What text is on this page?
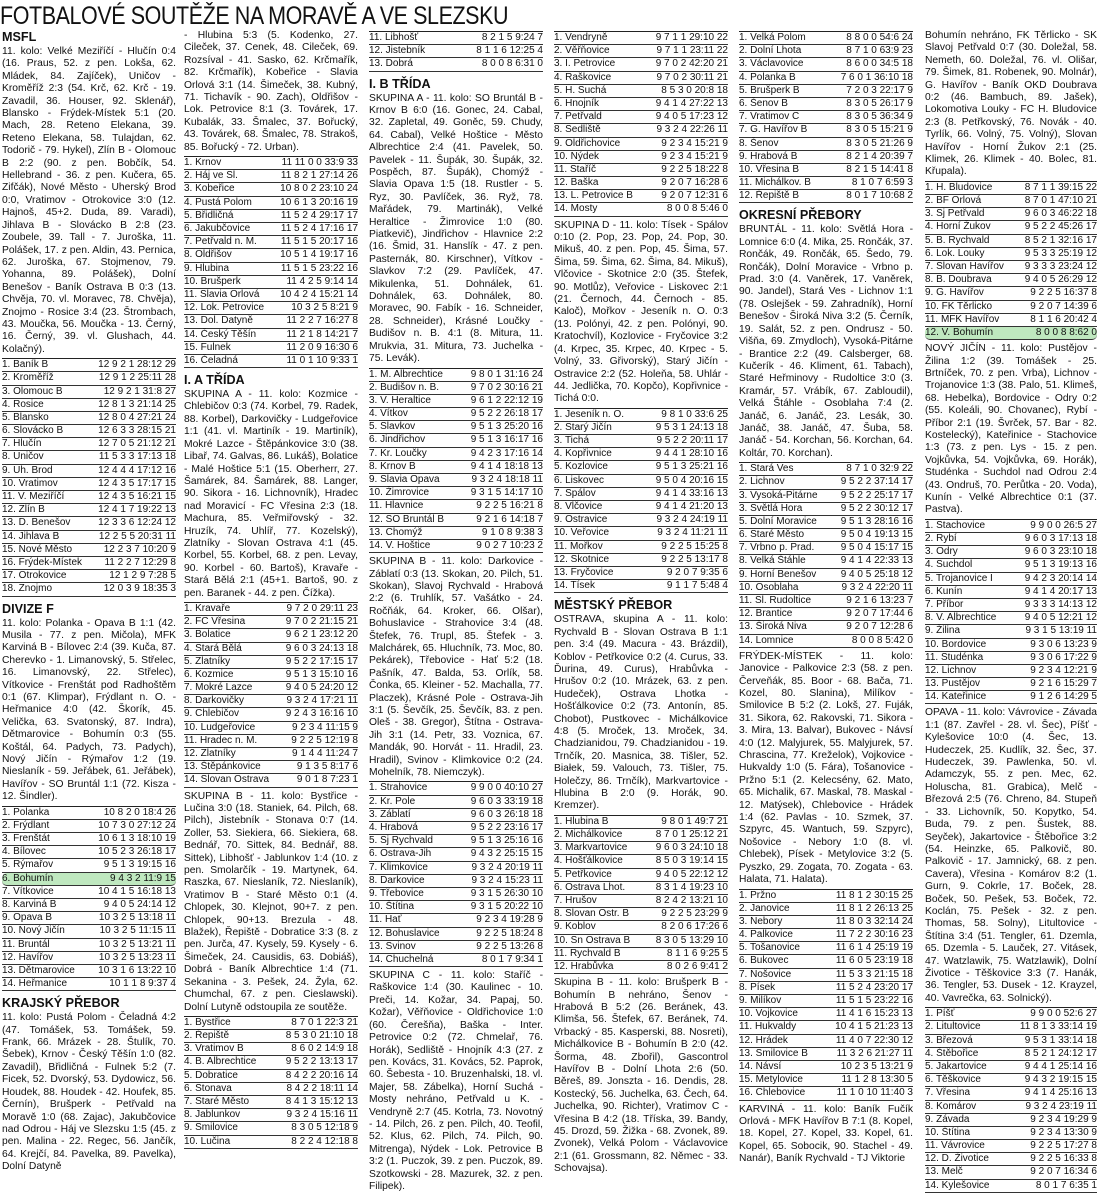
FOTBALOVÉ SOUTĚŽE NA MORAVĚ A VE SLEZSKU
MSFL
11. kolo: Velké Meziříčí - Hlučín 0:4 (16. Praus, 52. z pen. Lokša, 62. Mládek, 84. Zajíček), Uničov - Kroměříž 2:3 (54. Krč, 62. Krč - 19. Zavadil, 36. Houser, 92. Sklenář), Blansko - Frýdek-Místek 5:1 (20. Mach, 28. Reteno Elekana, 39. Reteno Elekana, 58. Tulajdan, 62. Todorič - 79. Hykel), Zlín B - Olomouc B 2:2 (90. z pen. Bobčík, 54. Hellebrand - 36. z pen. Kučera, 65. Zifčák), Nové Město - Uherský Brod 0:0, Vratimov - Otrokovice 3:0 (12. Hajnoš, 45+2. Duda, 89. Varadi), Jihlava B - Slovácko B 2:8 (23. Zoubele, 39. Tall - 7. Juroška, 11. Polášek, 17. z pen. Aldin, 43. Pernica, 62. Juroška, 67. Stojmenov, 79. Yohanna, 89. Polášek), Dolní Benešov - Baník Ostrava B 0:3 (13. Chvěja, 70. vl. Moravec, 78. Chvěja), Znojmo - Rosice 3:4 (23. Štrombach, 43. Moučka, 56. Moučka - 13. Černý, 16. Černý, 39. vl. Glushach, 44. Kolačný).
1. Baník B	12 9 2 1 28:12 29
2. Kroměříž	12 9 1 2 25:11 28
3. Olomouc B	12 9 2 1 31:8 27
4. Rosice	12 8 1 3 21:14 25
5. Blansko	12 8 0 4 27:21 24
6. Slovácko B	12 6 3 3 28:15 21
7. Hlučín	12 7 0 5 21:12 21
8. Uničov	11 5 3 3 17:13 18
9. Uh. Brod	12 4 4 4 17:12 16
10. Vratimov	12 4 3 5 17:17 15
11. V. Meziříčí	12 4 3 5 16:21 15
12. Zlín B	12 4 1 7 19:22 13
13. D. Benešov	12 3 3 6 12:24 12
14. Jihlava B	12 2 5 5 20:31 11
15. Nové Město	12 2 3 7 10:20 9
16. Frýdek-Místek	11 2 2 7 12:29 8
17. Otrokovice	12 1 2 9 7:28 5
18. Znojmo	12 0 3 9 18:35 3
DIVIZE F
11. kolo: Polanka - Opava B 1:1 (42. Musila - 77. z pen. Mičola), MFK Karviná B - Bílovec 2:4 (39. Kuča, 87. Cherevko - 1. Limanovský, 5. Střelec, 16. Limanovský, 22. Střelec), Vítkovice - Frenštát pod Radhoštěm 0:1 (67. Klimpar), Frýdlant n. O. - Heřmanice 4:0 (42. Škorík, 45. Velička, 63. Svatonský, 87. Indra), Dětmarovice - Bohumín 0:3 (55. Koštál, 64. Padych, 73. Padych), Nový Jičín - Rýmařov 1:2 (19. Nieslaník - 59. Jeřábek, 61. Jeřábek), Havířov - SO Bruntál 1:1 (72. Kisza - 12. Šindler).
1. Polanka	10 8 2 0 18:4 26
2. Frýdlant	10 7 3 0 27:12 24
3. Frenštát	10 6 1 3 18:10 19
4. Bílovec	10 5 2 3 26:18 17
5. Rýmařov	9 5 1 3 19:15 16
6. Bohumín	9 4 3 2 11:9 15
7. Vítkovice	10 4 1 5 16:18 13
8. Karviná B	9 4 0 5 24:14 12
9. Opava B	10 3 2 5 13:18 11
10. Nový Jičín	10 3 2 5 11:15 11
11. Bruntál	10 3 2 5 13:21 11
12. Havířov	10 3 2 5 13:23 11
13. Dětmarovice	10 3 1 6 13:22 10
14. Heřmanice	10 1 1 8 9:37 4
KRAJSKÝ PŘEBOR
11. kolo: Pustá Polom - Čeladná 4:2 (47. Tomášek, 53. Tomášek, 59. Frank, 66. Mrázek - 28. Štulík, 70. Šebek), Krnov - Český Těšín 1:0 (82. Zavadil), Břidličná - Fulnek 5:2 (7. Ficek, 52. Dvorský, 53. Dydowicz, 56. Houdek, 88. Houdek - 42. Houfek, 85. Černín), Brušperk - Petřvald na Moravě 1:0 (68. Zajac), Jakubčovice nad Odrou - Háj ve Slezsku 1:5 (45. z pen. Malina - 22. Regec, 56. Jančík, 64. Krejčí, 84. Pavelka, 89. Pavelka), Dolní Datyně
- Hlubina 5:3 (5. Kodenko, 27. Cileček, 37. Cenek, 48. Cileček, 69. Rozsíval - 41. Sasko, 62. Krčmařík, 82. Krčmařík), Kobeřice - Slavia Orlová 3:1 (14. Šimeček, 38. Kubný, 71. Tichavík - 90. Zach), Oldřišov - Lok. Petrovice 8:1 (3. Továrek, 17. Kubalák, 33. Šmalec, 37. Bořucký, 43. Továrek, 68. Šmalec, 78. Strakoš, 85. Bořucký - 72. Urban).
1. Krnov	11 11 0 0 33:9 33
2. Háj ve Sl.	11 8 2 1 27:14 26
3. Kobeřice	10 8 0 2 23:10 24
4. Pustá Polom	10 6 1 3 20:16 19
5. Břidličná	11 5 2 4 29:17 17
6. Jakubčovice	11 5 2 4 17:16 17
7. Petřvald n. M.	11 5 1 5 20:17 16
8. Oldřišov	10 5 1 4 19:17 16
9. Hlubina	11 5 1 5 23:22 16
10. Brušperk	11 4 2 5 9:14 14
11. Slavia Orlová	10 4 2 4 15:21 14
12. Lok. Petrovice	10 3 2 5 8:21 9
13. Dol. Datyně	11 2 2 7 16:27 8
14. Český Těšín	11 2 1 8 14:21 7
15. Fulnek	11 2 0 9 16:30 6
16. Čeladná	11 0 1 10 9:33 1
I. A TŘÍDA
SKUPINA A - 11. kolo: Kozmice - Chlebičov 0:3 (74. Korbel, 79. Radek, 88. Korbel), Darkovičky - Ludgeřovice 1:1 (41. vl. Martiník - 19. Martiník), Mokré Lazce - Štěpánkovice 3:0 (38. Libař, 74. Galvas, 86. Lukáš), Bolatice - Malé Hoštice 5:1 (15. Oberherr, 27. Šamárek, 84. Šamárek, 88. Langer, 90. Sikora - 16. Lichnovník), Hradec nad Moravicí - FC Vřesina 2:3 (18. Machura, 85. Veřmiřovský - 32. Hruzík, 74. Uhlíř, 77. Kozelský), Zlatníky - Slovan Ostrava 4:1 (45. Korbel, 55. Korbel, 68. z pen. Levay, 90. Korbel - 60. Bartoš), Kravaře - Stará Bělá 2:1 (45+1. Bartoš, 90. z pen. Baranek - 44. z pen. Čížka).
1. Kravaře	9 7 2 0 29:11 23
2. FC Vřesina	9 7 0 2 21:15 21
3. Bolatice	9 6 2 1 23:12 20
4. Stará Bělá	9 6 0 3 24:13 18
5. Zlatníky	9 5 2 2 17:15 17
6. Kozmice	9 5 1 3 15:10 16
7. Mokré Lazce	9 4 0 5 24:20 12
8. Darkovičky	9 3 2 4 17:21 11
9. Chlebičov	9 2 4 3 16:16 10
10. Ludgeřovice	9 2 3 4 11:15 9
11. Hradec n. M.	9 2 2 5 12:19 8
12. Zlatníky	9 1 4 4 11:24 7
13. Štěpánkovice	9 1 3 5 8:17 6
14. Slovan Ostrava	9 0 1 8 7:23 1
SKUPINA B - 11. kolo: Bystřice - Lučina 3:0 (18. Staniek, 64. Pilch, 68. Pilch), Jistebník - Stonava 0:7 (14. Zoller, 53. Siekiera, 66. Siekiera, 68. Bednář, 70. Sittek, 84. Bednář, 88. Sittek), Libhošť - Jablunkov 1:4 (10. z pen. Smolarčík - 19. Martynek, 64. Raszka, 67. Nieslaník, 72. Nieslaník), Vratimov B - Staré Město 0:1 (4. Chlopek, 30. Klejnot, 90+7. z pen. Chlopek, 90+13. Brezula - 48. Blažek), Řepiště - Dobratice 3:3 (8. z pen. Jurča, 47. Kysely, 59. Kysely - 6. Šimeček, 24. Causidis, 63. Dobiáš), Dobrá - Baník Albrechtice 1:4 (71. Sekanina - 3. Pešek, 24. Žyla, 62. Chumchal, 67. z pen. Cieslawski). Dolní Lutyně odstoupila ze soutěže.
1. Bystřice	8 7 0 1 22:3 21
2. Řepiště	8 5 3 0 21:10 18
3. Vratimov B	8 6 0 2 14:9 18
4. B. Albrechtice	9 5 2 2 13:13 17
5. Dobratice	8 4 2 2 20:16 14
6. Stonava	8 4 2 2 18:11 14
7. Staré Město	8 4 1 3 15:12 13
8. Jablunkov	9 3 2 4 15:16 11
9. Smilovice	8 3 0 5 12:18 9
10. Lučina	8 2 2 4 12:18 8
11. Libhošť	8 2 1 5 9:24 7
12. Jistebník	8 1 1 6 12:25 4
13. Dobrá	8 0 0 8 6:31 0
I. B TŘÍDA
SKUPINA A - 11. kolo: SO Bruntál B - Krnov B 6:0 (16. Gonec, 24. Cabal, 32. Zapletal, 49. Goněc, 59. Chudy, 64. Cabal), Velké Hoštice - Město Albrechtice 2:4 (41. Pavelek, 50. Pavelek - 11. Šupák, 30. Šupák, 32. Pospěch, 87. Šupák), Chomýž - Slavia Opava 1:5 (18. Rustler - 5. Ryz, 30. Pavlíček, 36. Ryž, 78. Mařádek, 79. Martinák), Velké Heraltice - Žimrovice 1:0 (80. Piatkevič), Jindřichov - Hlavnice 2:2 (16. Šmid, 31. Hanslík - 47. z pen. Pasternák, 80. Kirschner), Vítkov - Slavkov 7:2 (29. Pavlíček, 47. Mikulenka, 51. Dohnálek, 61. Dohnálek, 63. Dohnálek, 80. Moravec, 90. Fabík - 16. Schneider, 28. Schneider), Krásné Loučky - Budišov n. B. 4:1 (8. Mitura, 11. Mrukvia, 31. Mitura, 73. Juchelka - 75. Levák).
1. M. Albrechtice	9 8 0 1 31:16 24
2. Budišov n. B.	9 7 0 2 30:16 21
3. V. Heraltice	9 6 1 2 22:12 19
4. Vítkov	9 5 2 2 26:18 17
5. Slavkov	9 5 1 3 25:20 16
6. Jindřichov	9 5 1 3 16:17 16
7. Kr. Loučky	9 4 2 3 17:16 14
8. Krnov B	9 4 1 4 18:18 13
9. Slavia Opava	9 3 2 4 18:18 11
10. Žimrovice	9 3 1 5 14:17 10
11. Hlavnice	9 2 2 5 16:21 8
12. SO Bruntál B	9 2 1 6 14:18 7
13. Chomýž	9 1 0 8 9:38 3
14. V. Hoštice	9 0 2 7 10:23 2
SKUPINA B - 11. kolo: Darkovice - Záblatí 0:3 (13. Skokan, 20. Pilch, 51. Skokan), Slavoj Rychvald - Hrabová 2:2 (6. Truhlík, 57. Vašátko - 24. Ročňák, 64. Kroker, 66. Olšar), Bohuslavice - Strahovice 3:4 (48. Štefek, 76. Trupl, 85. Štefek - 3. Malchárek, 65. Hluchník, 73. Moc, 80. Pekárek), Třebovice - Hať 5:2 (18. Pašník, 47. Balda, 53. Orlík, 58. Čonka, 65. Kleiner - 52. Machalla, 77. Placzek), Krásné Pole - Ostrava-Jih 3:1 (5. Ševčík, 25. Ševčík, 83. z pen. Oleš - 38. Gregor), Štítna - Ostrava-Jih 3:1 (14. Petr, 33. Voznica, 67. Mandák, 90. Horvát - 11. Hradil, 23. Hradil), Svinov - Klimkovice 0:2 (24. Mohelník, 78. Niemczyk).
1. Strahovice	9 9 0 0 40:10 27
2. Kr. Pole	9 6 0 3 33:19 18
3. Záblatí	9 6 0 3 26:18 18
4. Hrabová	9 5 2 2 23:16 17
5. Sj Rychvald	9 5 1 3 25:16 16
6. Ostrava-Jih	9 4 3 2 25:15 15
7. Klimkovice	9 3 2 4 20:19 11
8. Darkovice	9 3 2 4 15:23 11
9. Třebovice	9 3 1 5 26:30 10
10. Štítina	9 3 1 5 20:22 10
11. Hať	9 2 3 4 19:28 9
12. Bohuslavice	9 2 2 5 18:24 8
13. Svinov	9 2 2 5 13:26 8
14. Chuchelná	8 0 1 7 9:34 1
SKUPINA C - 11. kolo: Staříč - Raškovice 1:4 (30. Kaulinec - 10. Preči, 14. Kožar, 34. Papaj, 50. Kožar), Věřňovice - Oldřichovice 1:0 (60. Čerešňa), Baška - Inter. Petrovice 0:2 (72. Chmelař, 76. Horák), Sedliště - Hnojník 4:3 (27. z pen. Kovács, 31. Kovács, 52. Paprok, 60. Šebesta - 10. Bruzenhalski, 18. vl. Majer, 58. Zábelka), Horní Suchá - Mosty nehráno, Petřvald u K. - Vendryně 2:7 (45. Kotrla, 73. Novotný - 14. Pilch, 26. z pen. Pilch, 40. Teofil, 52. Klus, 62. Pilch, 74. Pilch, 90. Mitrenga), Nýdek - Lok. Petrovice B 3:2 (1. Puczok, 39. z pen. Puczok, 89. Szotkowski - 28. Mazurek, 32. z pen. Filipek).
1. Vendryně	9 7 1 1 29:10 22
2. Věřňovice	9 7 1 1 23:11 22
3. I. Petrovice	9 7 0 2 42:20 21
4. Raškovice	9 7 0 2 30:11 21
5. H. Suchá	8 5 3 0 20:8 18
6. Hnojník	9 4 1 4 27:22 13
7. Petřvald	9 4 0 5 17:23 12
8. Sedliště	9 3 2 4 22:26 11
9. Oldřichovice	9 2 3 4 15:21 9
10. Nýdek	9 2 3 4 15:21 9
11. Staříč	9 2 2 5 18:22 8
12. Baška	9 2 0 7 16:28 6
13. L. Petrovice B	9 2 0 7 12:31 6
14. Mosty	8 0 0 8 5:46 0
SKUPINA D - 11. kolo: Tísek - Spálov 0:10 (2. Pop, 23. Pop, 24. Pop, 30. Mikuš, 40. z pen. Pop, 45. Šima, 57. Šima, 59. Šima, 62. Šima, 84. Mikuš), Vlčovice - Skotnice 2:0 (35. Štefek, 90. Motlůz), Veřovice - Liskovec 2:1 (21. Černoch, 44. Černoch - 85. Kaloč), Mořkov - Jeseník n. O. 0:3 (13. Polónyi, 42. z pen. Polónyi, 90. Kratochvíl), Kozlovice - Fryčovice 3:2 (4. Krpec, 35. Krpec, 40. Krpec - 5. Volný, 33. Gřivorský), Starý Jičín - Ostravice 2:2 (52. Holeňa, 58. Uhlár - 44. Jedlička, 70. Kopčo), Kopřivnice - Tichá 0:0.
1. Jeseník n. O.	9 8 1 0 33:6 25
2. Starý Jičín	9 5 3 1 24:13 18
3. Tichá	9 5 2 2 20:11 17
4. Kopřivnice	9 4 4 1 28:10 16
5. Kozlovice	9 5 1 3 25:21 16
6. Liskovec	9 5 0 4 20:16 15
7. Spálov	9 4 1 4 33:16 13
8. Vlčovice	9 4 1 4 21:20 13
9. Ostravice	9 3 2 4 24:19 11
10. Veřovice	9 3 2 4 11:21 11
11. Mořkov	9 2 2 5 15:25 8
12. Skotnice	9 2 2 5 13:17 8
13. Fryčovice	9 2 0 7 9:35 6
14. Tísek	9 1 1 7 5:48 4
MĚSTSKÝ PŘEBOR
OSTRAVA, skupina A - 11. kolo: Rychvald B - Slovan Ostrava B 1:1 pen. 3:4 (49. Macura - 43. Brázdil), Koblov - Petřkovice 0:2 (4. Curus, 33. Ďurina, 49. Curus), Hrabůvka - Hrušov 0:2 (10. Mrázek, 63. z pen. Hudeček), Ostrava Lhotka - Hošťálkovice 0:2 (73. Antonín, 85. Chobot), Pustkovec - Michálkovice 4:8 (5. Mroček, 13. Mroček, 34. Chadzianidou, 79. Chadzianidou - 19. Trnčík, 20. Masnica, 38. Tišler, 52. Białek, 59. Valouch, 73. Tišler, 75. Holečzy, 86. Trnčík), Markvartovice - Hlubina B 2:0 (9. Horák, 90. Kremzer).
1. Hlubina B	9 8 0 1 49:7 21
2. Michálkovice	8 7 0 1 25:12 21
3. Markvartovice	9 6 0 3 24:10 18
4. Hošťálkovice	8 5 0 3 19:14 15
5. Petřkovice	9 4 0 5 22:12 12
6. Ostrava Lhot.	8 3 1 4 19:23 10
7. Hrušov	8 2 4 2 13:21 10
8. Slovan Ostr. B	9 2 2 5 23:29 9
9. Koblov	8 2 0 6 17:26 6
10. Sn Ostrava B	8 3 0 5 13:29 10
11. Rychvald B	8 1 1 6 9:25 5
12. Hrabůvka	8 0 2 6 9:41 2
Skupina B - 11. kolo: Brušperk B - Bohumín B nehráno, Šenov - Hrabová B 5:2 (26. Beránek, 43. Klimša, 56. Štefek, 67. Beránek, 74. Vrbacký - 85. Kasperski, 88. Nosreti), Michálkovice B - Bohumín B 2:0 (42. Šorma, 48. Zbořil), Gascontrol Havířov B - Dolní Lhota 2:6 (50. Běreš, 89. Jonszta - 16. Dendis, 28. Kostecký, 56. Juchelka, 63. Čech, 64. Juchelka, 90. Richter), Vratimov C - Vřesina B 4:2 (18. Tříska, 39. Bandy, 45. Drozd, 59. Žižka - 68. Zvonek, 89. Zvonek), Velká Polom - Václavovice 2:1 (61. Grossmann, 82. Němec - 33. Schovajsa).
1. Velká Polom	8 8 0 0 54:6 24
2. Dolní Lhota	8 7 1 0 63:9 23
3. Václavovice	8 6 0 0 34:5 18
4. Polanka B	7 6 0 1 36:10 18
5. Brušperk B	7 2 0 3 22:17 9
6. Šenov B	8 3 0 5 26:17 9
7. Vratimov C	8 3 0 5 36:34 9
7. G. Havířov B	8 3 0 5 15:21 9
8. Šenov	8 3 0 5 21:26 9
9. Hrabová B	8 2 1 4 20:39 7
10. Vřesina B	8 2 1 5 14:41 8
11. Michálkov. B	8 1 0 7 6:59 3
12. Řepiště B	8 0 1 7 10:68 2
OKRESNÍ PŘEBORY
BRUNTÁL - 11. kolo: Světlá Hora - Lomnice 6:0 (4. Mika, 25. Rončák, 37. Rončák, 49. Rončák, 65. Šedo, 79. Rončák), Dolní Moravice - Vrbno p. Prad. 3:0 (4. Vaněrek, 17. Vaněrek, 90. Jandel), Stará Ves - Lichnov 1:1 (78. Oslejšek - 59. Zahradník), Horní Benešov - Široká Niva 3:2 (5. Černík, 19. Salát, 52. z pen. Ondrusz - 50. Višňa, 69. Zmydloch), Vysoká-Pitárne - Brantice 2:2 (49. Calsberger, 68. Kučerík - 46. Kliment, 61. Tabach), Staré Heřminovy - Rudoltice 3:0 (3. Kramár, 57. Vrábík, 67. Zabloudil), Velká Štáhle - Osoblaha 7:4 (2. Janáč, 6. Janáč, 23. Lesák, 30. Janáč, 38. Janáč, 47. Šuba, 58. Janáč - 54. Korchan, 56. Korchan, 64. Koltár, 70. Korchan).
1. Stará Ves	8 7 1 0 32:9 22
2. Lichnov	9 5 2 2 37:14 17
3. Vysoká-Pitárne	9 5 2 2 25:17 17
3. Světlá Hora	9 5 2 2 30:12 17
5. Dolní Moravice	9 5 1 3 28:16 16
6. Staré Město	9 5 0 4 19:13 15
7. Vrbno p. Prad.	9 5 0 4 15:17 15
8. Velká Štáhle	9 4 1 4 22:33 13
9. Horní Benešov	9 4 0 5 25:18 12
10. Osoblaha	9 3 2 4 22:20 11
11. Sl. Rudoltice	9 2 1 6 13:23 7
12. Brantice	9 2 0 7 17:44 6
13. Široká Niva	9 2 0 7 12:28 6
14. Lomnice	8 0 0 8 5:42 0
FRÝDEK-MÍSTEK - 11. kolo: Janovice - Palkovice 2:3 (58. z pen. Červeňák, 85. Boor - 68. Bača, 71. Kozel, 80. Slanina), Milíkov - Smilovice B 5:2 (2. Lokš, 27. Fuják, 31. Sikora, 62. Rakovski, 71. Sikora - 3. Mira, 13. Balvar), Bukovec - Návsí 4:0 (12. Malyjurek, 55. Malyjurek, 57. Chrascina, 77. Kreželok), Vojkovice - Hukvaldy 1:0 (5. Fára), Tošanovice - Pržno 5:1 (2. Kelecsény, 62. Mato, 65. Michalik, 67. Maskal, 78. Maskal - 12. Matýsek), Chlebovice - Hrádek 1:4 (62. Pavlas - 10. Szmek, 37. Szpyrc, 45. Wantuch, 59. Szpyrc), Nošovice - Nebory 1:0 (8. vl. Chlebek), Písek - Metylovice 3:2 (5. Pyszko, 29. Zogata, 70. Zogata - 63. Halata, 71. Halata).
1. Pržno	11 8 1 2 30:15 25
2. Janovice	11 8 1 2 26:13 25
3. Nebory	11 8 0 3 32:14 24
4. Palkovice	11 7 2 2 30:16 23
5. Tošanovice	11 6 1 4 25:19 19
6. Bukovec	11 6 0 5 23:19 18
7. Nošovice	11 5 3 3 21:15 18
8. Písek	11 5 2 4 23:20 17
9. Milíkov	11 5 1 5 23:22 16
10. Vojkovice	11 4 1 6 15:23 13
11. Hukvaldy	10 4 1 5 21:23 13
12. Hrádek	11 4 0 7 22:30 12
13. Smilovice B	11 3 2 6 21:27 11
14. Návsí	10 2 3 5 13:21 9
15. Metylovice	11 1 2 8 13:30 5
16. Chlebovice	11 1 0 10 11:40 3
KARVINÁ - 11. kolo: Baník Fučík Orlová - MFK Havířov B 7:1 (8. Kopel, 18. Kopel, 27. Kopel, 33. Kopel, 61. Kopel, 65. Sobocik, 90. Stachel - 49. Nanár), Baník Rychvald - TJ Viktorie
Bohumín nehráno, FK Těrlicko - SK Slavoj Petřvald 0:7 (30. Doležal, 58. Nemeth, 60. Doležal, 76. vl. Olišar, 79. Šimek, 81. Robenek, 90. Molnár), G. Havířov - Baník OKD Doubrava 0:2 (46. Bambuch, 89. Jašek), Lokomotiva Louky - FC H. Bludovice 2:3 (8. Petřkovský, 76. Novák - 40. Tyrlík, 66. Volný, 75. Volný), Slovan Havířov - Horní Žukov 2:1 (25. Klimek, 26. Klimek - 40. Bolec, 81. Křupala).
1. H. Bludovice	8 7 1 1 39:15 22
2. BF Orlová	8 7 0 1 47:10 21
3. Sj Petřvald	9 6 0 3 46:22 18
4. Horní Žukov	9 5 2 2 45:26 17
5. B. Rychvald	8 5 2 1 32:16 17
6. Lok. Louky	9 5 3 3 25:19 12
7. Slovan Havířov	9 3 3 3 23:24 12
8. B. Doubrava	9 4 0 5 26:29 12
9. G. Havířov	9 2 2 5 16:37 8
10. FK Těrlicko	9 2 0 7 14:39 6
11. MFK Havířov	8 1 1 6 20:42 4
12. V. Bohumín	8 0 0 8 8:62 0
NOVÝ JIČÍN - 11. kolo: Pustějov - Žilina 1:2 (39. Tomášek - 25. Brtníček, 70. z pen. Vrba), Lichnov - Trojanovice 1:3 (38. Palo, 51. Klimeš, 68. Hebelka), Bordovice - Odry 0:2 (55. Koleáli, 90. Chovanec), Rybí - Příbor 2:1 (19. Švrček, 57. Bar - 82. Kostelecký), Kateřinice - Stachovice 1:3 (73. z pen. Lys - 15. z pen. Vojkůvka, 54. Vojkůvka, 69. Horák), Studénka - Suchdol nad Odrou 2:4 (43. Ondruš, 70. Perůtka - 20. Voda), Kunín - Velké Albrechtice 0:1 (37. Pastva).
1. Stachovice	9 9 0 0 26:5 27
2. Rybí	9 6 0 3 17:13 18
3. Odry	9 6 0 3 23:10 18
4. Suchdol	9 5 1 3 19:13 16
5. Trojanovice I	9 4 2 3 20:14 14
6. Kunín	9 4 1 4 20:17 13
7. Příbor	9 3 3 3 14:13 12
8. V. Albrechtice	9 4 0 5 12:21 12
9. Žilina	9 3 1 5 13:19 11
10. Bordovice	9 3 0 6 13:23 9
11. Studénka	9 3 0 6 17:22 9
12. Lichnov	9 2 3 4 12:21 9
13. Pustějov	9 2 1 6 15:29 7
14. Kateřinice	9 1 2 6 14:29 5
OPAVA - 11. kolo: Vávrovice - Závada 1:1 (87. Zavřel - 28. vl. Šec), Píšť - Kylešovice 10:0 (4. Šec, 13. Hudeczek, 25. Kudlík, 32. Šec, 37. Hudeczek, 39. Pawlenka, 50. vl. Adamczyk, 55. z pen. Mec, 62. Holuscha, 81. Grabica), Melč - Březová 2:5 (76. Chreno, 84. Stupeň - 33. Lichovník, 50. Kopytko, 54. Buda, 79. z pen. Šustek, 88. Seyček), Jakartovice - Štěbořice 3:2 (54. Heinzke, 65. Palkovič, 80. Palkovič - 17. Jamnický, 68. z pen. Cavera), Vřesina - Komárov 8:2 (1. Gurn, 9. Cokrle, 17. Boček, 28. Boček, 50. Pešek, 53. Boček, 72. Koclán, 75. Pešek - 32. z pen. Thomas, 58. Solny), Litultovice - Štítina 3:4 (51. Tengler, 61. Dzemla, 65. Dzemla - 5. Lauček, 27. Vitásek, 47. Watzlawik, 75. Watzlawik), Dolní Životice - Těškovice 3:3 (7. Hanák, 36. Tengler, 53. Dusek - 12. Krayzel, 40. Vavrečka, 63. Solnický).
1. Píšť	9 9 0 0 52:6 27
2. Litultovice	11 8 1 3 33:14 19
3. Březová	9 5 3 1 33:14 18
4. Štěbořice	8 5 2 1 24:12 17
5. Jakartovice	9 4 4 1 25:14 16
6. Těškovice	9 4 3 2 19:15 15
7. Vřesina	9 4 1 4 25:16 13
8. Komárov	9 3 2 4 23:19 11
9. Závada	9 2 3 4 19:29 9
10. Štítina	9 2 3 4 13:30 9
11. Vávrovice	9 2 2 5 17:27 8
12. D. Životice	9 2 2 5 16:33 8
13. Melč	9 2 0 7 16:34 6
14. Kylešovice	8 0 1 7 6:35 1
